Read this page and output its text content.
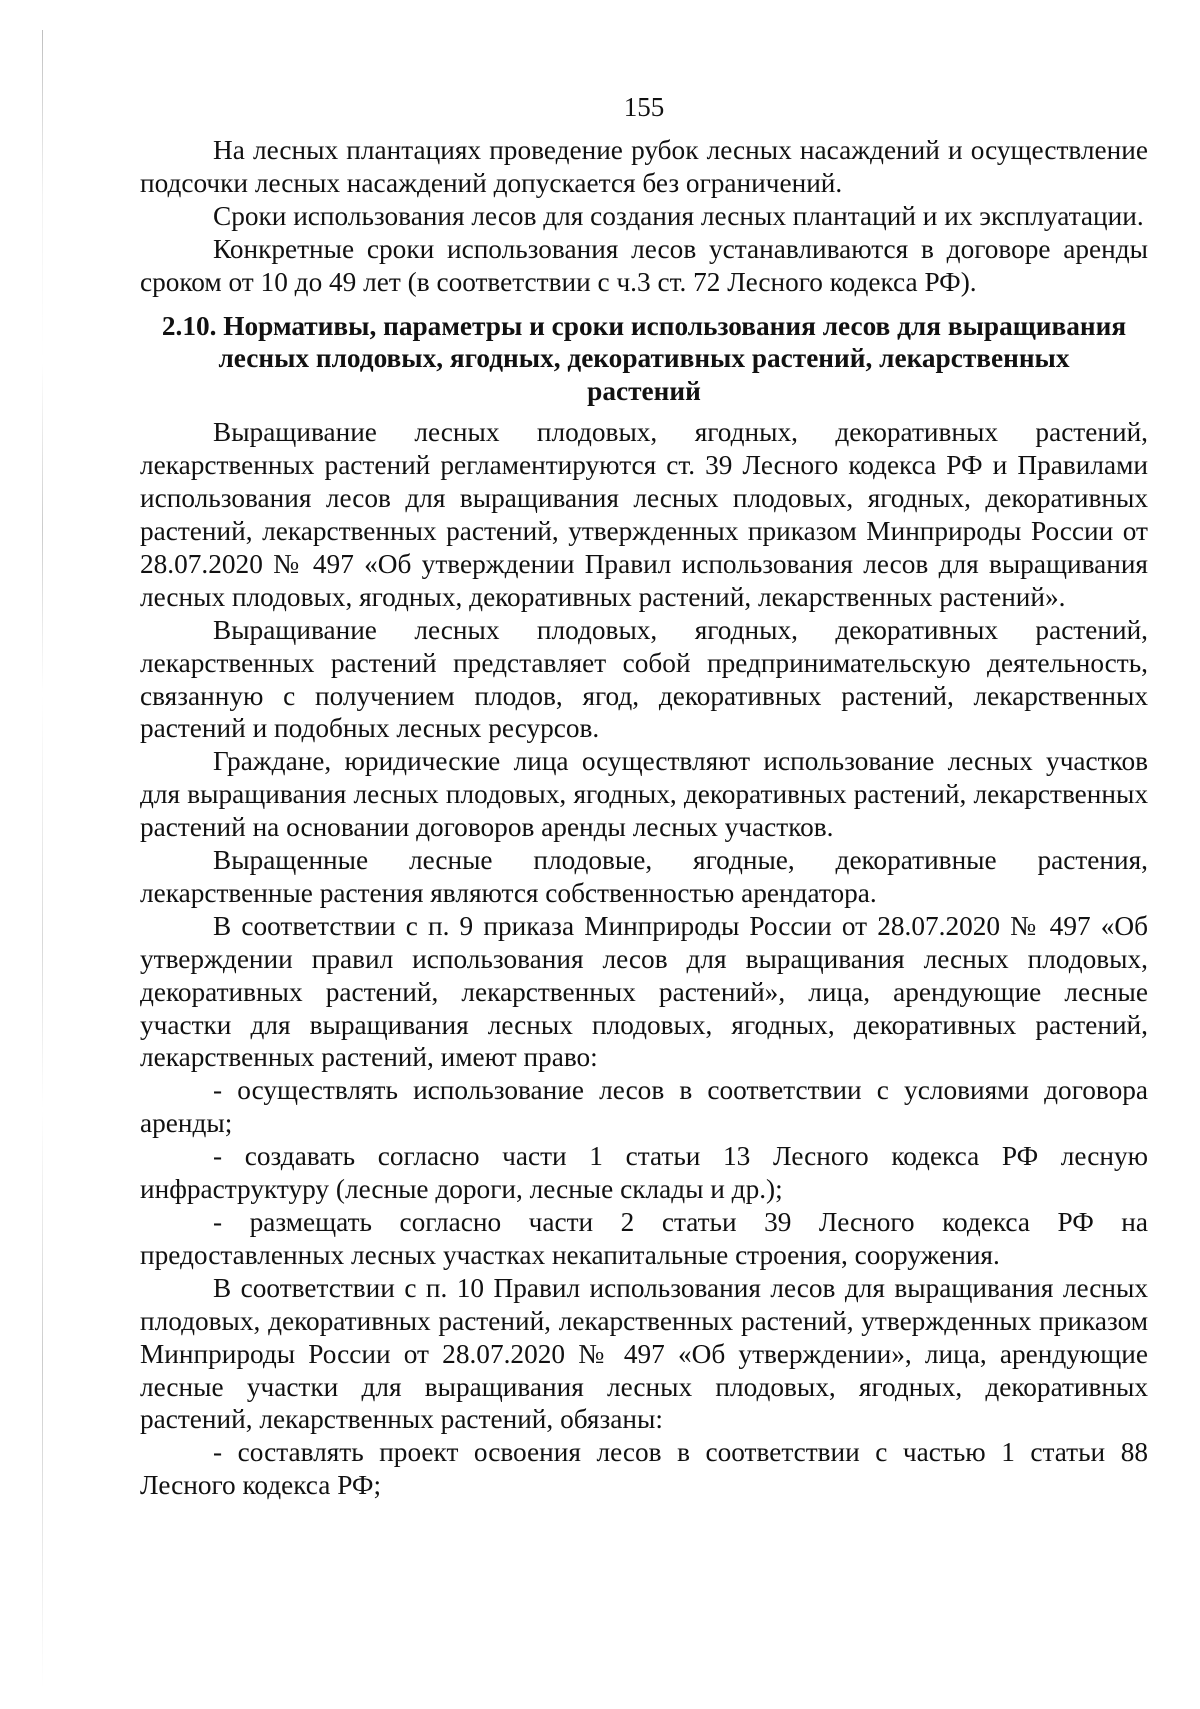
155

На лесных плантациях проведение рубок лесных насаждений и осуществление подсочки лесных насаждений допускается без ограничений.

Сроки использования лесов для создания лесных плантаций и их эксплуатации.

Конкретные сроки использования лесов устанавливаются в договоре аренды сроком от 10 до 49 лет (в соответствии с ч.3 ст. 72 Лесного кодекса РФ).

2.10. Нормативы, параметры и сроки использования лесов для выращивания
лесных плодовых, ягодных, декоративных растений, лекарственных
растений

Выращивание лесных плодовых, ягодных, декоративных растений, лекарственных растений регламентируются ст. 39 Лесного кодекса РФ и Правилами использования лесов для выращивания лесных плодовых, ягодных, декоративных растений, лекарственных растений, утвержденных приказом Минприроды России от 28.07.2020 № 497 «Об утверждении Правил использования лесов для выращивания лесных плодовых, ягодных, декоративных растений, лекарственных растений».

Выращивание лесных плодовых, ягодных, декоративных растений, лекарственных растений представляет собой предпринимательскую деятельность, связанную с получением плодов, ягод, декоративных растений, лекарственных растений и подобных лесных ресурсов.

Граждане, юридические лица осуществляют использование лесных участков для выращивания лесных плодовых, ягодных, декоративных растений, лекарственных растений на основании договоров аренды лесных участков.

Выращенные лесные плодовые, ягодные, декоративные растения, лекарственные растения являются собственностью арендатора.

В соответствии с п. 9 приказа Минприроды России от 28.07.2020 № 497 «Об утверждении правил использования лесов для выращивания лесных плодовых, декоративных растений, лекарственных растений», лица, арендующие лесные участки для выращивания лесных плодовых, ягодных, декоративных растений, лекарственных растений, имеют право:

- осуществлять использование лесов в соответствии с условиями договора аренды;

- создавать согласно части 1 статьи 13 Лесного кодекса РФ лесную инфраструктуру (лесные дороги, лесные склады и др.);

- размещать согласно части 2 статьи 39 Лесного кодекса РФ на предоставленных лесных участках некапитальные строения, сооружения.

В соответствии с п. 10 Правил использования лесов для выращивания лесных плодовых, декоративных растений, лекарственных растений, утвержденных приказом Минприроды России от 28.07.2020 № 497 «Об утверждении», лица, арендующие лесные участки для выращивания лесных плодовых, ягодных, декоративных растений, лекарственных растений, обязаны:

- составлять проект освоения лесов в соответствии с частью 1 статьи 88 Лесного кодекса РФ;
